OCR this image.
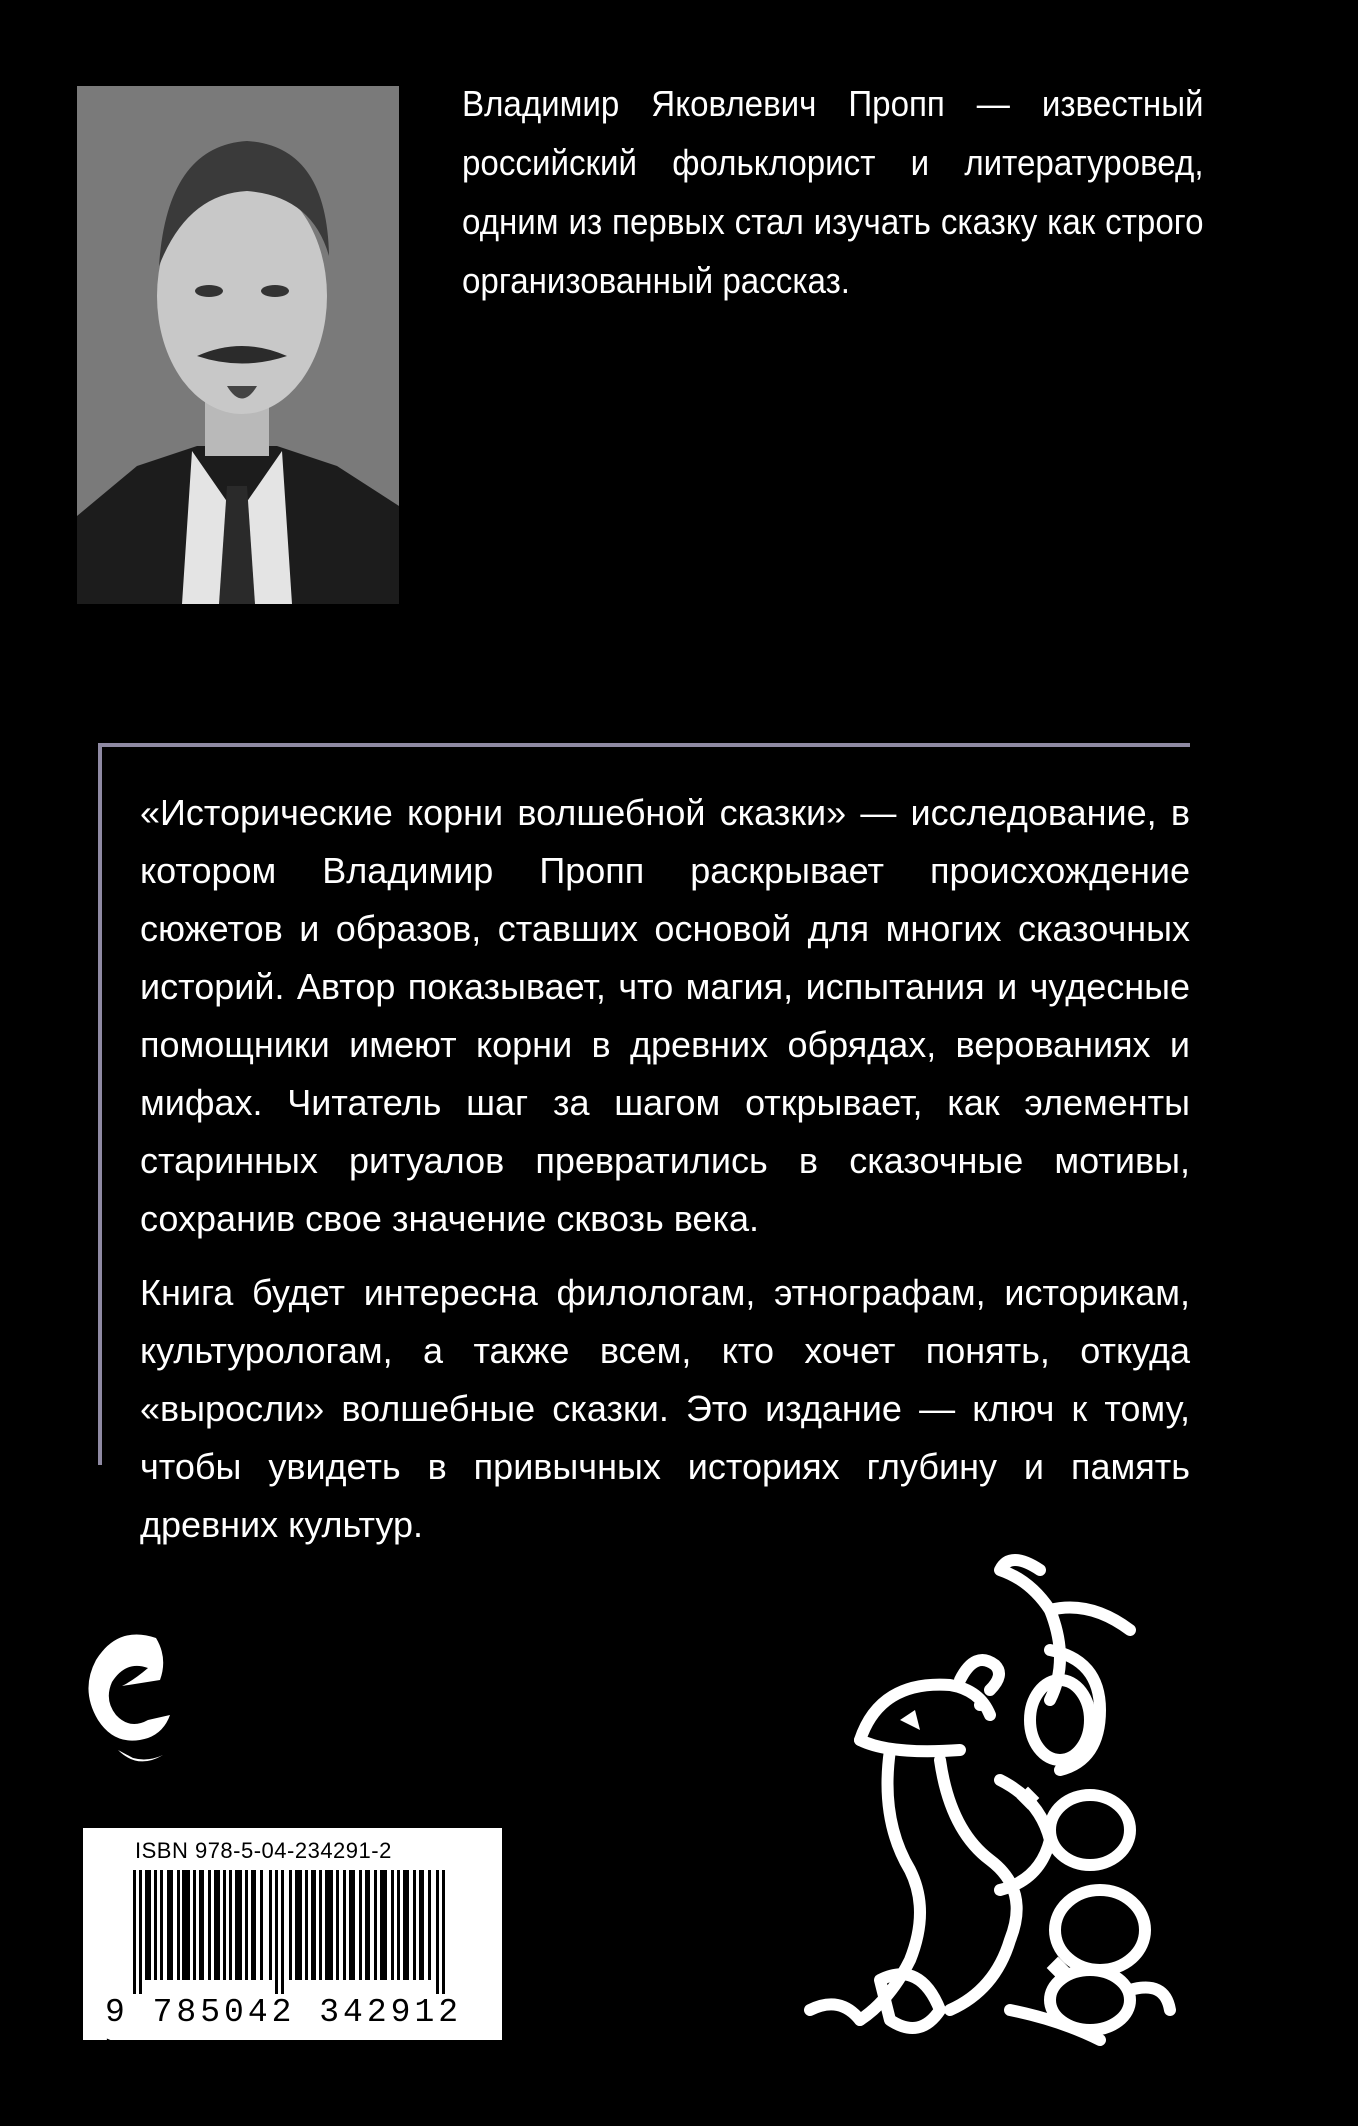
Владимир Яковлевич Пропп — известный российский фольклорист и литературовед, одним из первых стал изучать сказку как строго организованный рассказ.

«Исторические корни волшебной сказки» — исследование, в котором Владимир Пропп раскрывает происхождение сюжетов и образов, ставших основой для многих сказочных историй. Автор показывает, что магия, испытания и чудесные помощники имеют корни в древних обрядах, верованиях и мифах. Читатель шаг за шагом открывает, как элементы старинных ритуалов превратились в сказочные мотивы, сохранив свое значение сквозь века.

Книга будет интересна филологам, этнографам, историкам, культурологам, а также всем, кто хочет понять, откуда «выросли» волшебные сказки. Это издание — ключ к тому, чтобы увидеть в привычных историях глубину и память древних культур.

ISBN 978-5-04-234291-2
9 785042 342912 >
